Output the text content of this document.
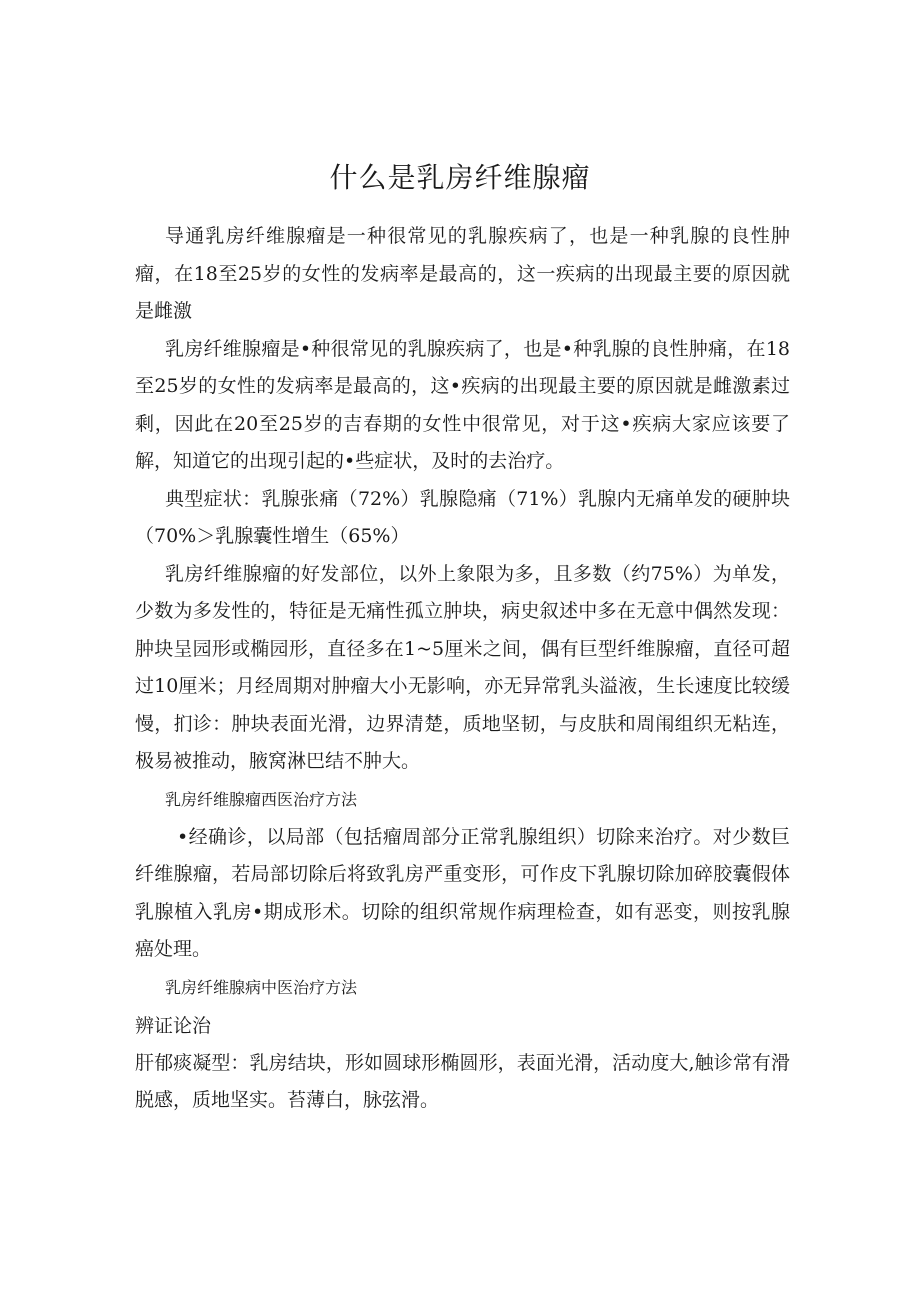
什么是乳房纤维腺瘤

导通乳房纤维腺瘤是一种很常见的乳腺疾病了，也是一种乳腺的良性肿瘤，在18至25岁的女性的发病率是最高的，这一疾病的出现最主要的原因就是雌激

乳房纤维腺瘤是•种很常见的乳腺疾病了，也是•种乳腺的良性肿痛，在18至25岁的女性的发病率是最高的，这•疾病的出现最主要的原因就是雌激素过剩，因此在20至25岁的吉春期的女性中很常见，对于这•疾病大家应该要了解，知道它的出现引起的•些症状，及时的去治疗。

典型症状：乳腺张痛（72%）乳腺隐痛（71%）乳腺内无痛单发的硬肿块（70%＞乳腺囊性增生（65%）

乳房纤维腺瘤的好发部位，以外上象限为多，且多数（约75%）为单发，少数为多发性的，特征是无痛性孤立肿块，病史叙述中多在无意中偶然发现：肿块呈园形或椭园形，直径多在1~5厘米之间，偶有巨型纤维腺瘤，直径可超过10厘米；月经周期对肿瘤大小无影响，亦无异常乳头溢液，生长速度比较缓慢，扪诊：肿块表面光滑，边界清楚，质地坚韧，与皮肤和周闱组织无粘连，极易被推动，腋窝淋巴结不肿大。

乳房纤维腺瘤西医治疗方法

•经确诊，以局部（包括瘤周部分正常乳腺组织）切除来治疗。对少数巨纤维腺瘤，若局部切除后将致乳房严重变形，可作皮下乳腺切除加碎胶囊假体乳腺植入乳房•期成形术。切除的组织常规作病理检查，如有恶变，则按乳腺癌处理。

乳房纤维腺病中医治疗方法

辨证论治

肝郁痰凝型：乳房结块，形如圆球形椭圆形，表面光滑，活动度大,触诊常有滑脱感，质地坚实。苔薄白，脉弦滑。
